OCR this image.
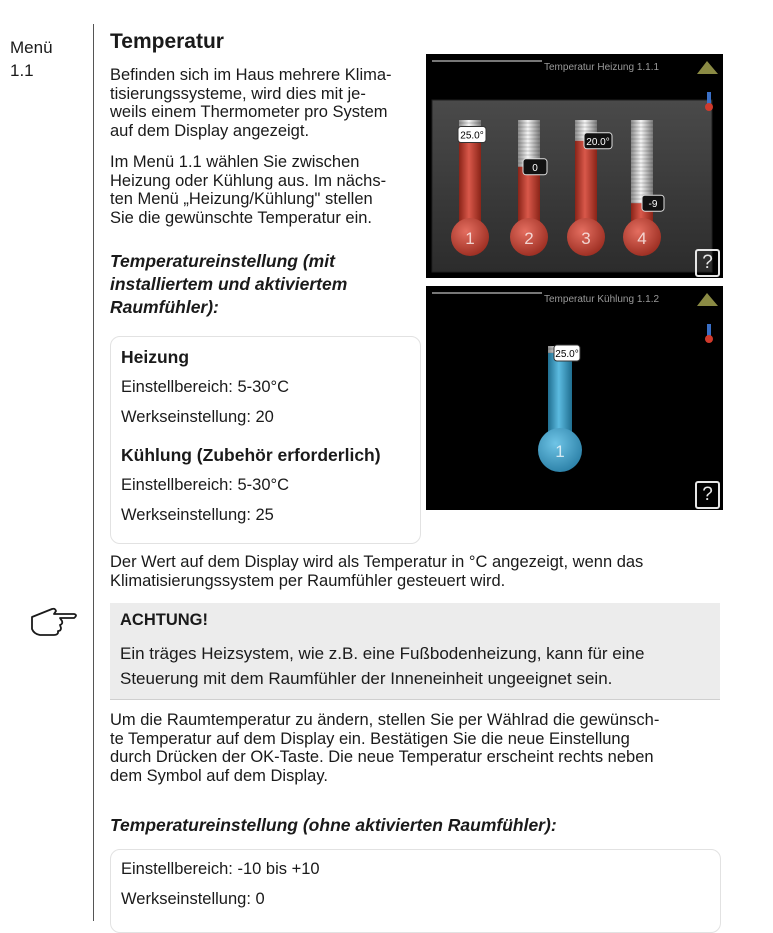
Menü
1.1
Temperatur

Befinden sich im Haus mehrere Klima-

tisierungssysteme, wird dies mit je-

weils einem Thermometer pro System

auf dem Display angezeigt.

Im Menü 1.1 wählen Sie zwischen

Heizung oder Kühlung aus. Im nächs-

ten Menü „Heizung/Kühlung" stellen

Sie die gewünschte Temperatur ein.

Temperatureinstellung (mit

installiertem und aktiviertem

Raumfühler):

Heizung
Einstellbereich: 5-30°C
Werkseinstellung: 20
Kühlung (Zubehör erforderlich)
Einstellbereich: 5-30°C
Werkseinstellung: 25
Temperatur Heizung 1.1.1
1
25.0°
2
0
3
20.0°
4
-9
?
Temperatur Kühlung 1.1.2
1
25.0°
?

Der Wert auf dem Display wird als Temperatur in °C angezeigt, wenn das

Klimatisierungssystem per Raumfühler gesteuert wird.

ACHTUNG!
Ein träges Heizsystem, wie z.B. eine Fußbodenheizung, kann für eine
Steuerung mit dem Raumfühler der Inneneinheit ungeeignet sein.

Um die Raumtemperatur zu ändern, stellen Sie per Wählrad die gewünsch-

te Temperatur auf dem Display ein. Bestätigen Sie die neue Einstellung

durch Drücken der OK-Taste. Die neue Temperatur erscheint rechts neben

dem Symbol auf dem Display.

Temperatureinstellung (ohne aktivierten Raumfühler):

Einstellbereich: -10 bis +10
Werkseinstellung: 0
